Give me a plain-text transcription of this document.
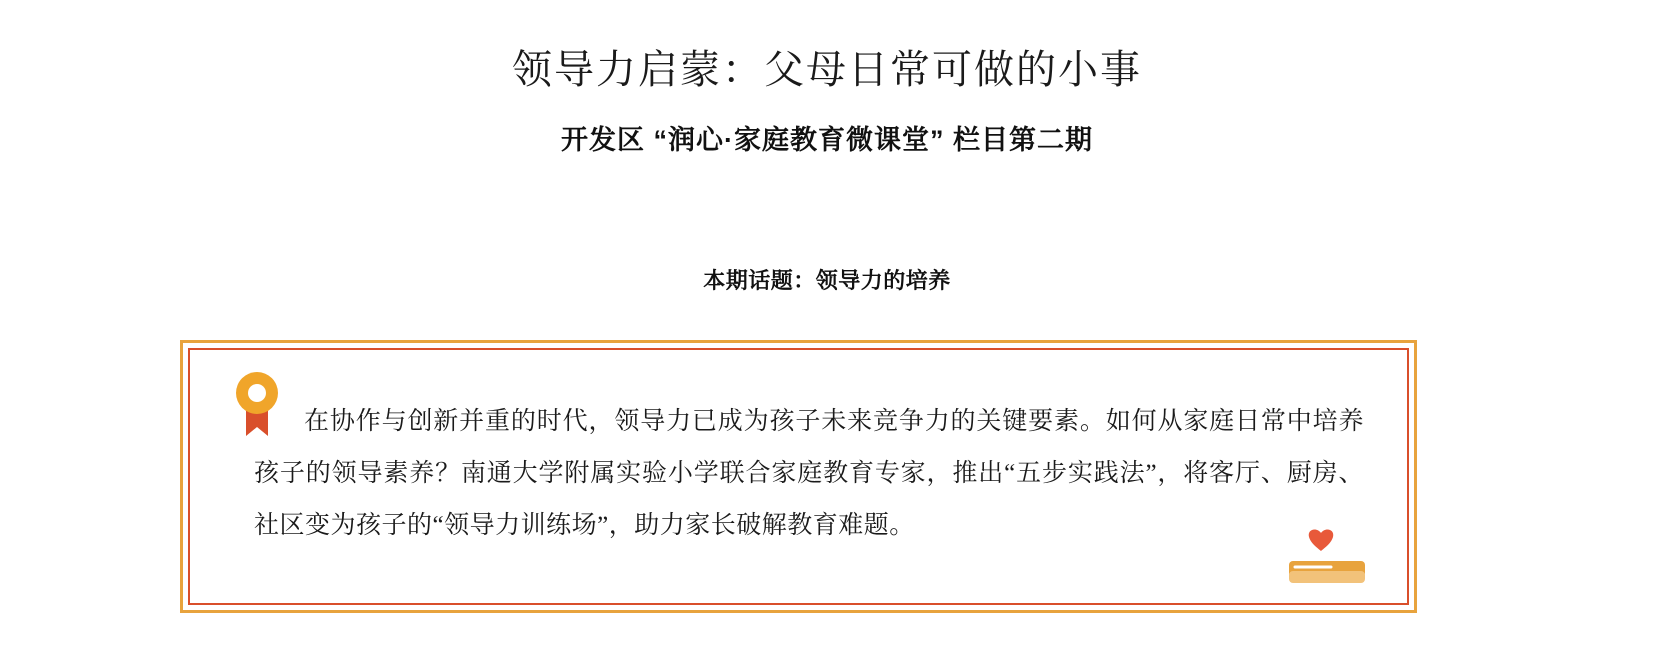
领导力启蒙：父母日常可做的小事
开发区 “润心·家庭教育微课堂” 栏目第二期

本期话题：领导力的培养

在协作与创新并重的时代，领导力已成为孩子未来竞争力的关键要素。如何从家庭日常中培养孩子的领导素养？南通大学附属实验小学联合家庭教育专家，推出“五步实践法”，将客厅、厨房、社区变为孩子的“领导力训练场”，助力家长破解教育难题。
